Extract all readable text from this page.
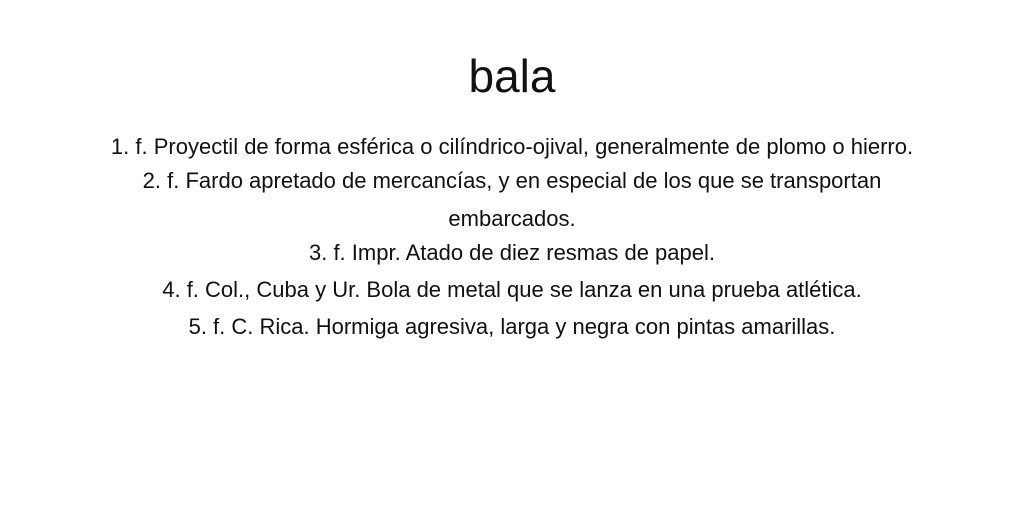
bala
1. f. Proyectil de forma esférica o cilíndrico-ojival, generalmente de plomo o hierro.
2. f. Fardo apretado de mercancías, y en especial de los que se transportan embarcados.
3. f. Impr. Atado de diez resmas de papel.
4. f. Col., Cuba y Ur. Bola de metal que se lanza en una prueba atlética.
5. f. C. Rica. Hormiga agresiva, larga y negra con pintas amarillas.
